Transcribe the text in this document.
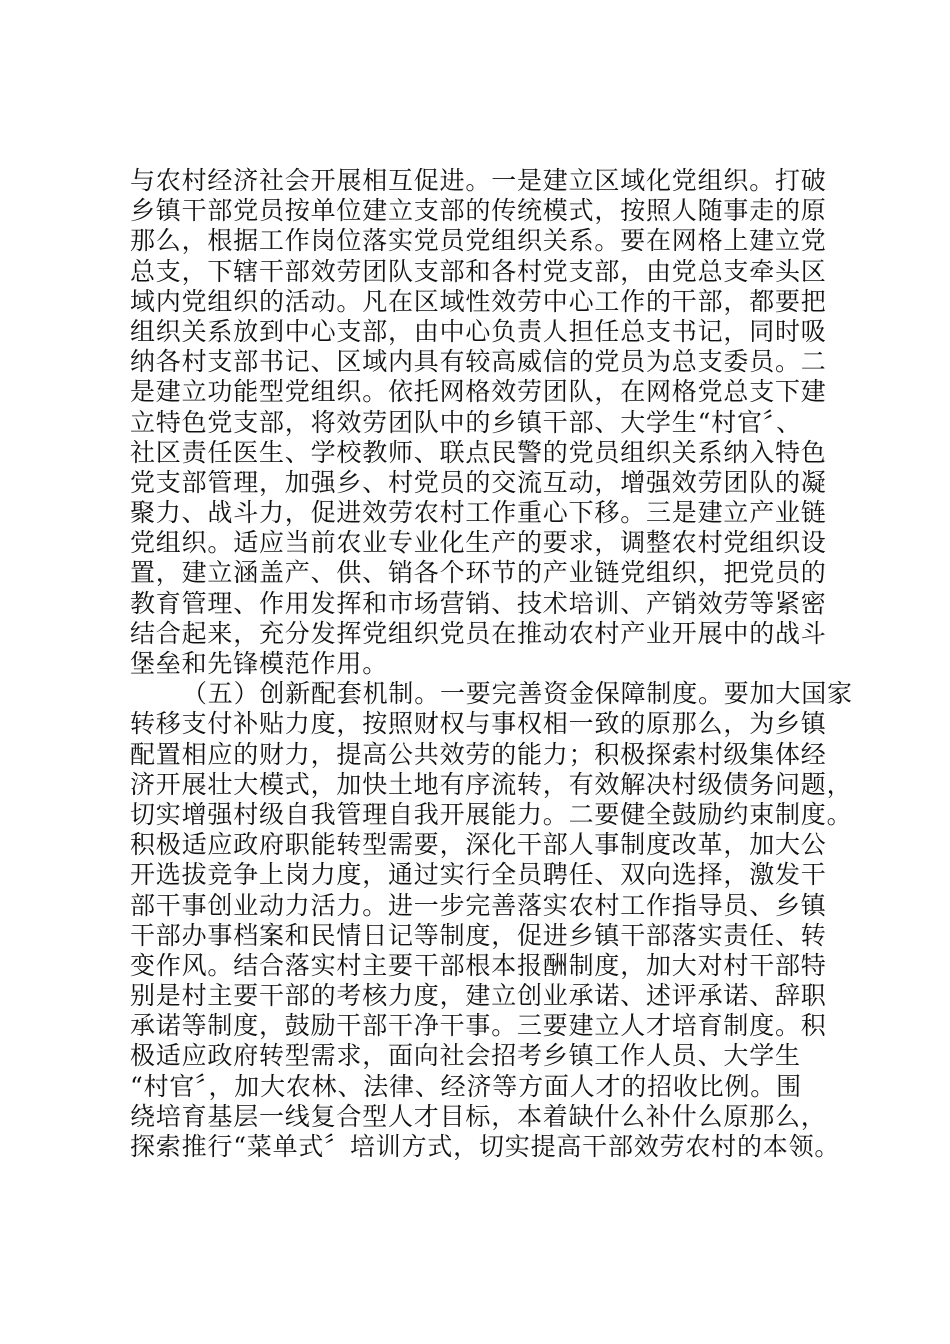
与农村经济社会开展相互促进。一是建立区域化党组织。打破
乡镇干部党员按单位建立支部的传统模式，按照人随事走的原
那么，根据工作岗位落实党员党组织关系。要在网格上建立党
总支，下辖干部效劳团队支部和各村党支部，由党总支牵头区
域内党组织的活动。凡在区域性效劳中心工作的干部，都要把
组织关系放到中心支部，由中心负责人担任总支书记，同时吸
纳各村支部书记、区域内具有较高威信的党员为总支委员。二
是建立功能型党组织。依托网格效劳团队，在网格党总支下建
立特色党支部，将效劳团队中的乡镇干部、大学生“村官〞、
社区责任医生、学校教师、联点民警的党员组织关系纳入特色
党支部管理，加强乡、村党员的交流互动，增强效劳团队的凝
聚力、战斗力，促进效劳农村工作重心下移。三是建立产业链
党组织。适应当前农业专业化生产的要求，调整农村党组织设
置，建立涵盖产、供、销各个环节的产业链党组织，把党员的
教育管理、作用发挥和市场营销、技术培训、产销效劳等紧密
结合起来，充分发挥党组织党员在推动农村产业开展中的战斗
堡垒和先锋模范作用。
（五）创新配套机制。一要完善资金保障制度。要加大国家
转移支付补贴力度，按照财权与事权相一致的原那么，为乡镇
配置相应的财力，提高公共效劳的能力；积极探索村级集体经
济开展壮大模式，加快土地有序流转，有效解决村级债务问题，
切实增强村级自我管理自我开展能力。二要健全鼓励约束制度。
积极适应政府职能转型需要，深化干部人事制度改革，加大公
开选拔竞争上岗力度，通过实行全员聘任、双向选择，激发干
部干事创业动力活力。进一步完善落实农村工作指导员、乡镇
干部办事档案和民情日记等制度，促进乡镇干部落实责任、转
变作风。结合落实村主要干部根本报酬制度，加大对村干部特
别是村主要干部的考核力度，建立创业承诺、述评承诺、辞职
承诺等制度，鼓励干部干净干事。三要建立人才培育制度。积
极适应政府转型需求，面向社会招考乡镇工作人员、大学生
“村官〞，加大农林、法律、经济等方面人才的招收比例。围
绕培育基层一线复合型人才目标，本着缺什么补什么原那么，
探索推行“菜单式〞培训方式，切实提高干部效劳农村的本领。
